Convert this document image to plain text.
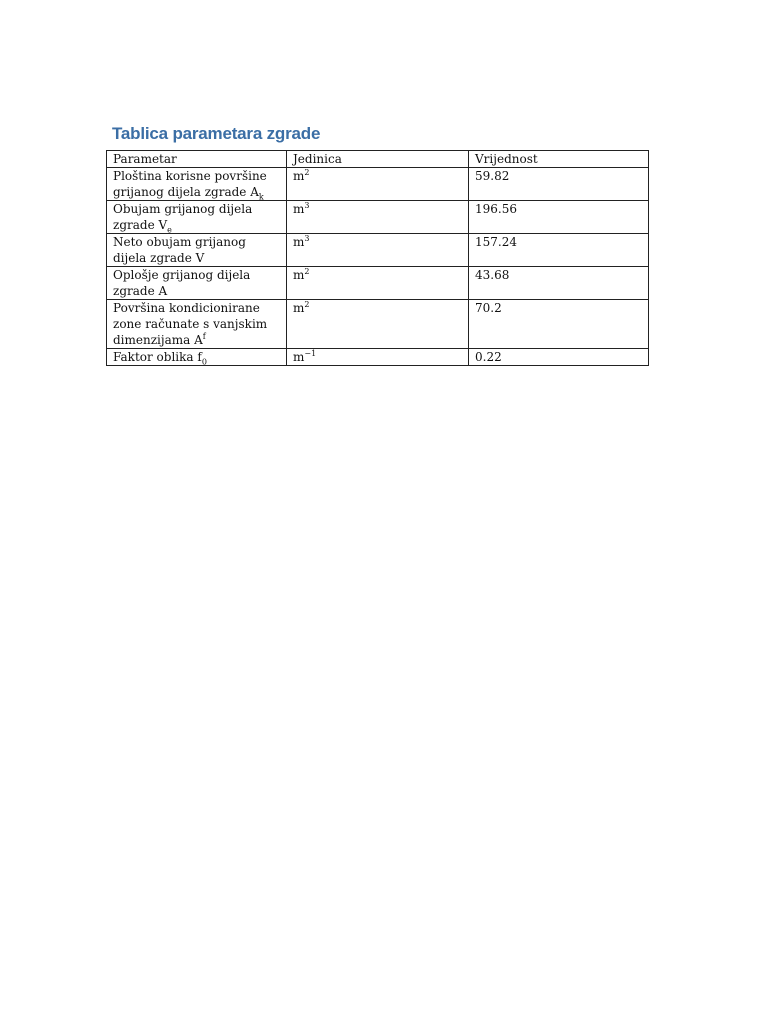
Tablica parametara zgrade
Parametar	Jedinica	Vrijednost
Ploština korisne površine grijanog dijela zgrade $A_k$	$m^2$	59.82
Obujam grijanog dijela zgrade $V_e$	$m^3$	196.56
Neto obujam grijanog dijela zgrade V	$m^3$	157.24
Oplošje grijanog dijela zgrade A	$m^2$	43.68
Površina kondicionirane zone računate s vanjskim dimenzijama $A^f$	$m^2$	70.2
Faktor oblika $f_0$	$m^{-1}$	0.22
